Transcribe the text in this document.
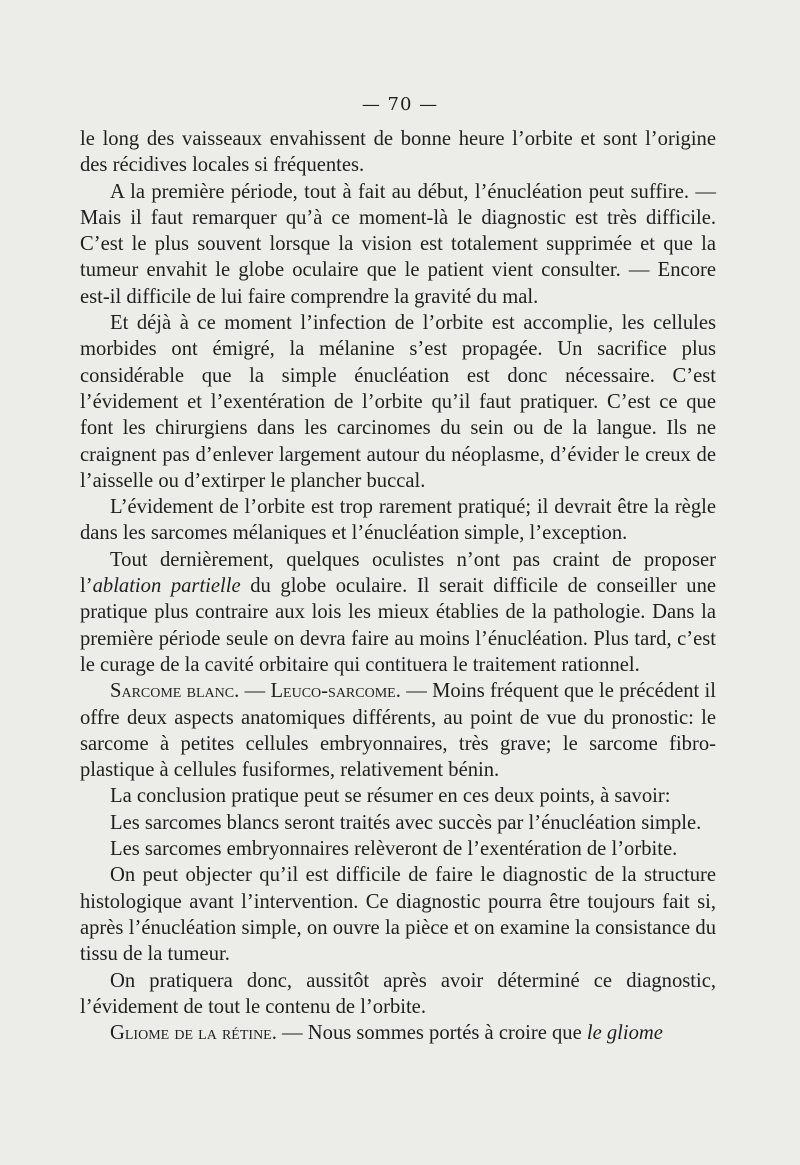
— 70 —

le long des vaisseaux envahissent de bonne heure l’orbite et sont l’origine des récidives locales si fréquentes.

A la première période, tout à fait au début, l’énucléation peut suffire. — Mais il faut remarquer qu’à ce moment-là le diagnostic est très difficile. C’est le plus souvent lorsque la vision est totalement supprimée et que la tumeur envahit le globe oculaire que le patient vient consulter. — Encore est-il difficile de lui faire comprendre la gravité du mal.

Et déjà à ce moment l’infection de l’orbite est accomplie, les cellules morbides ont émigré, la mélanine s’est propagée. Un sacrifice plus considérable que la simple énucléation est donc nécessaire. C’est l’évidement et l’exentération de l’orbite qu’il faut pratiquer. C’est ce que font les chirurgiens dans les carcinomes du sein ou de la langue. Ils ne craignent pas d’enlever largement autour du néoplasme, d’évider le creux de l’aisselle ou d’extirper le plancher buccal.

L’évidement de l’orbite est trop rarement pratiqué; il devrait être la règle dans les sarcomes mélaniques et l’énucléation simple, l’exception.

Tout dernièrement, quelques oculistes n’ont pas craint de proposer l’ablation partielle du globe oculaire. Il serait difficile de conseiller une pratique plus contraire aux lois les mieux établies de la pathologie. Dans la première période seule on devra faire au moins l’énucléation. Plus tard, c’est le curage de la cavité orbitaire qui contituera le traitement rationnel.

Sarcome blanc. — Leuco-sarcome. — Moins fréquent que le précédent il offre deux aspects anatomiques différents, au point de vue du pronostic: le sarcome à petites cellules embryonnaires, très grave; le sarcome fibro-plastique à cellules fusiformes, relativement bénin.

La conclusion pratique peut se résumer en ces deux points, à savoir:

Les sarcomes blancs seront traités avec succès par l’énucléation simple.

Les sarcomes embryonnaires relèveront de l’exentération de l’orbite.

On peut objecter qu’il est difficile de faire le diagnostic de la structure histologique avant l’intervention. Ce diagnostic pourra être toujours fait si, après l’énucléation simple, on ouvre la pièce et on examine la consistance du tissu de la tumeur.

On pratiquera donc, aussitôt après avoir déterminé ce diagnostic, l’évidement de tout le contenu de l’orbite.

Gliome de la rétine. — Nous sommes portés à croire que le gliome
